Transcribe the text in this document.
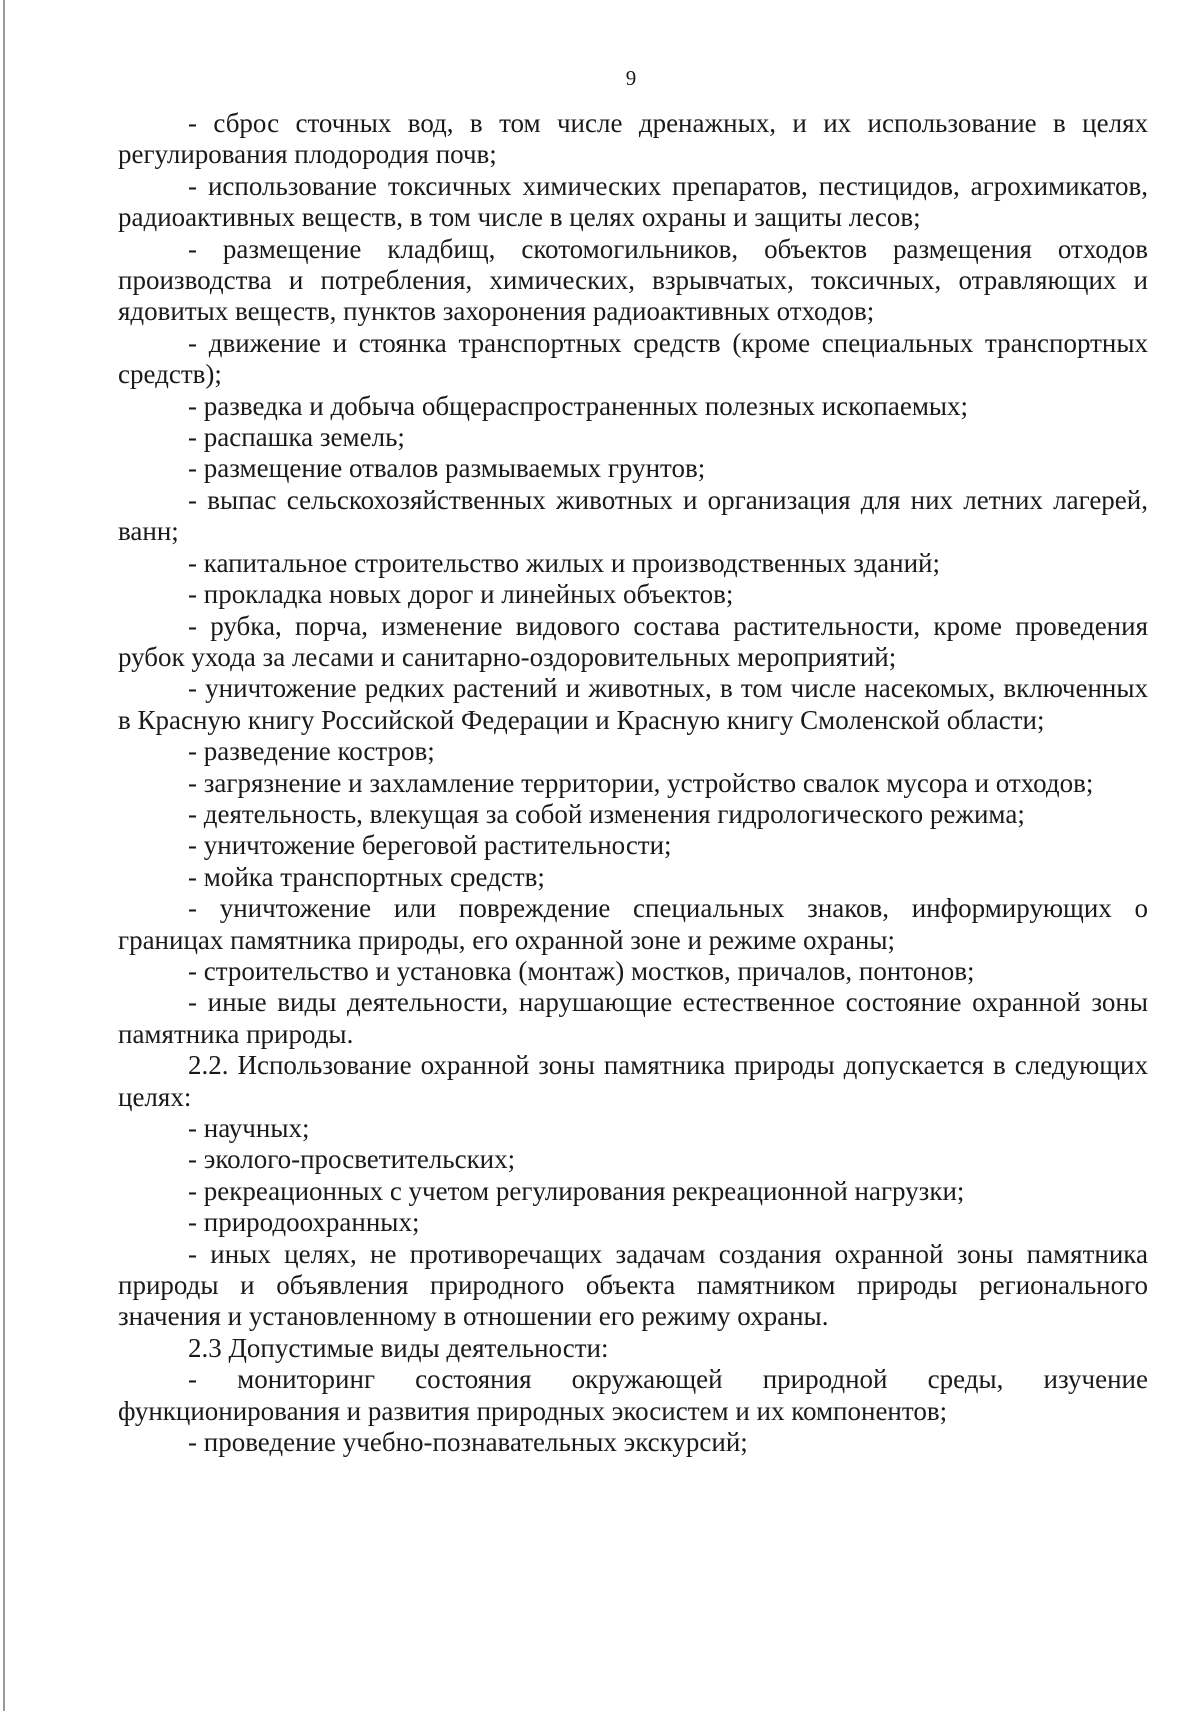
9

- сброс сточных вод, в том числе дренажных, и их использование в целях регулирования плодородия почв;

- использование токсичных химических препаратов, пестицидов, агрохимикатов, радиоактивных веществ, в том числе в целях охраны и защиты лесов;

- размещение кладбищ, скотомогильников, объектов размещения отходов производства и потребления, химических, взрывчатых, токсичных, отравляющих и ядовитых веществ, пунктов захоронения радиоактивных отходов;

- движение и стоянка транспортных средств (кроме специальных транспортных средств);

- разведка и добыча общераспространенных полезных ископаемых;

- распашка земель;

- размещение отвалов размываемых грунтов;

- выпас сельскохозяйственных животных и организация для них летних лагерей, ванн;

- капитальное строительство жилых и производственных зданий;

- прокладка новых дорог и линейных объектов;

- рубка, порча, изменение видового состава растительности, кроме проведения рубок ухода за лесами и санитарно-оздоровительных мероприятий;

- уничтожение редких растений и животных, в том числе насекомых, включенных в Красную книгу Российской Федерации и Красную книгу Смоленской области;

- разведение костров;

- загрязнение и захламление территории, устройство свалок мусора и отходов;

- деятельность, влекущая за собой изменения гидрологического режима;

- уничтожение береговой растительности;

- мойка транспортных средств;

- уничтожение или повреждение специальных знаков, информирующих о границах памятника природы, его охранной зоне и режиме охраны;

- строительство и установка (монтаж) мостков, причалов, понтонов;

- иные виды деятельности, нарушающие естественное состояние охранной зоны памятника природы.

2.2. Использование охранной зоны памятника природы допускается в следующих целях:

- научных;

- эколого-просветительских;

- рекреационных с учетом регулирования рекреационной нагрузки;

- природоохранных;

- иных целях, не противоречащих задачам создания охранной зоны памятника природы и объявления природного объекта памятником природы регионального значения и установленному в отношении его режиму охраны.

2.3 Допустимые виды деятельности:

- мониторинг состояния окружающей природной среды, изучение функционирования и развития природных экосистем и их компонентов;

- проведение учебно-познавательных экскурсий;
